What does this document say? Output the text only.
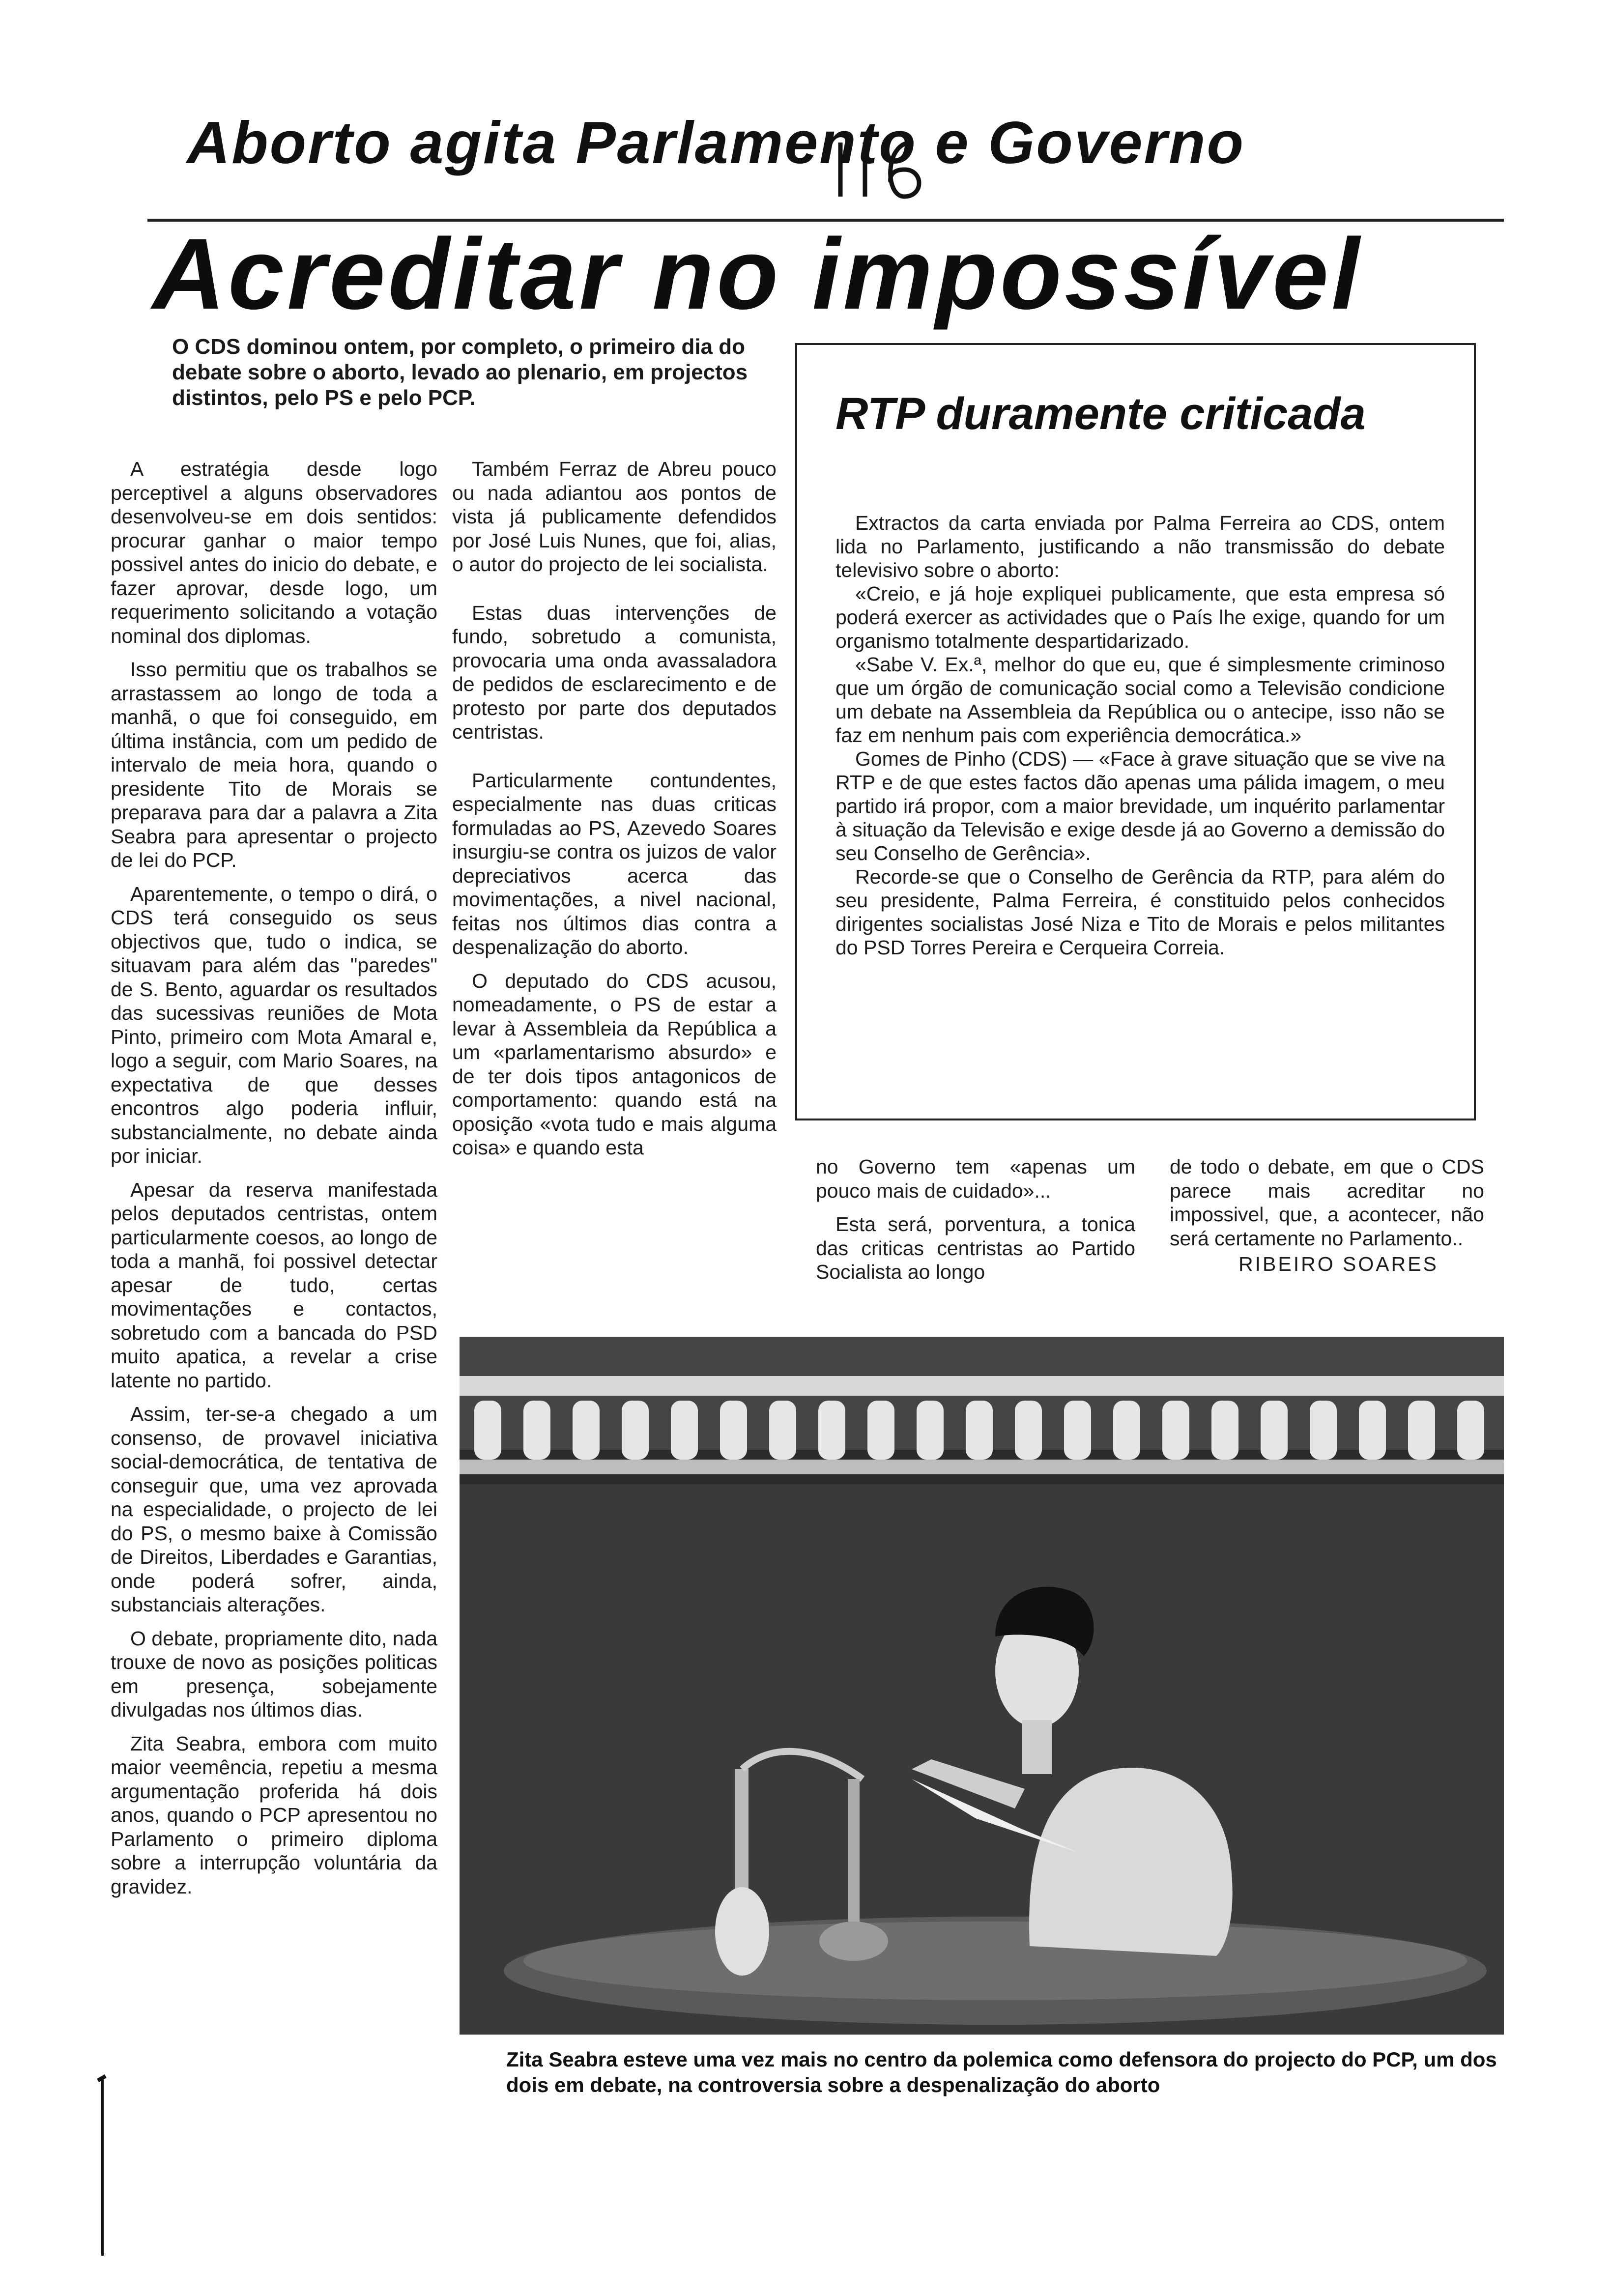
Aborto agita Parlamento e Governo
Acreditar no impossível
O CDS dominou ontem, por completo, o primeiro dia do debate sobre o aborto, levado ao plenario, em projectos distintos, pelo PS e pelo PCP.

A estratégia desde logo perceptivel a alguns observadores desenvolveu-se em dois sentidos: procurar ganhar o maior tempo possivel antes do inicio do debate, e fazer aprovar, desde logo, um requerimento solicitando a votação nominal dos diplomas.

Isso permitiu que os trabalhos se arrastassem ao longo de toda a manhã, o que foi conseguido, em última instância, com um pedido de intervalo de meia hora, quando o presidente Tito de Morais se preparava para dar a palavra a Zita Seabra para apresentar o projecto de lei do PCP.

Aparentemente, o tempo o dirá, o CDS terá conseguido os seus objectivos que, tudo o indica, se situavam para além das "paredes" de S. Bento, aguardar os resultados das sucessivas reuniões de Mota Pinto, primeiro com Mota Amaral e, logo a seguir, com Mario Soares, na expectativa de que desses encontros algo poderia influir, substancialmente, no debate ainda por iniciar.

Apesar da reserva manifestada pelos deputados centristas, ontem particularmente coesos, ao longo de toda a manhã, foi possivel detectar apesar de tudo, certas movimentações e contactos, sobretudo com a bancada do PSD muito apatica, a revelar a crise latente no partido.

Assim, ter-se-a chegado a um consenso, de provavel iniciativa social-democrática, de tentativa de conseguir que, uma vez aprovada na especialidade, o projecto de lei do PS, o mesmo baixe à Comissão de Direitos, Liberdades e Garantias, onde poderá sofrer, ainda, substanciais alterações.

O debate, propriamente dito, nada trouxe de novo as posições politicas em presença, sobejamente divulgadas nos últimos dias.

Zita Seabra, embora com muito maior veemência, repetiu a mesma argumentação proferida há dois anos, quando o PCP apresentou no Parlamento o primeiro diploma sobre a interrupção voluntária da gravidez.

Também Ferraz de Abreu pouco ou nada adiantou aos pontos de vista já publicamente defendidos por José Luis Nunes, que foi, alias, o autor do projecto de lei socialista.

Estas duas intervenções de fundo, sobretudo a comunista, provocaria uma onda avassaladora de pedidos de esclarecimento e de protesto por parte dos deputados centristas.

Particularmente contundentes, especialmente nas duas criticas formuladas ao PS, Azevedo Soares insurgiu-se contra os juizos de valor depreciativos acerca das movimentações, a nivel nacional, feitas nos últimos dias contra a despenalização do aborto.

O deputado do CDS acusou, nomeadamente, o PS de estar a levar à Assembleia da República a um «parlamentarismo absurdo» e de ter dois tipos antagonicos de comportamento: quando está na oposição «vota tudo e mais alguma coisa» e quando esta

RTP duramente criticada

Extractos da carta enviada por Palma Ferreira ao CDS, ontem lida no Parlamento, justificando a não transmissão do debate televisivo sobre o aborto:

«Creio, e já hoje expliquei publicamente, que esta empresa só poderá exercer as actividades que o País lhe exige, quando for um organismo totalmente despartidarizado.

«Sabe V. Ex.ª, melhor do que eu, que é simplesmente criminoso que um órgão de comunicação social como a Televisão condicione um debate na Assembleia da República ou o antecipe, isso não se faz em nenhum pais com experiência democrática.»

Gomes de Pinho (CDS) — «Face à grave situação que se vive na RTP e de que estes factos dão apenas uma pálida imagem, o meu partido irá propor, com a maior brevidade, um inquérito parlamentar à situação da Televisão e exige desde já ao Governo a demissão do seu Conselho de Gerência».

Recorde-se que o Conselho de Gerência da RTP, para além do seu presidente, Palma Ferreira, é constituido pelos conhecidos dirigentes socialistas José Niza e Tito de Morais e pelos militantes do PSD Torres Pereira e Cerqueira Correia.

no Governo tem «apenas um pouco mais de cuidado»...

Esta será, porventura, a tonica das criticas centristas ao Partido Socialista ao longo

de todo o debate, em que o CDS parece mais acreditar no impossivel, que, a acontecer, não será certamente no Parlamento..

RIBEIRO SOARES
Zita Seabra esteve uma vez mais no centro da polemica como defensora do projecto do PCP, um dos dois em debate, na controversia sobre a despenalização do aborto
